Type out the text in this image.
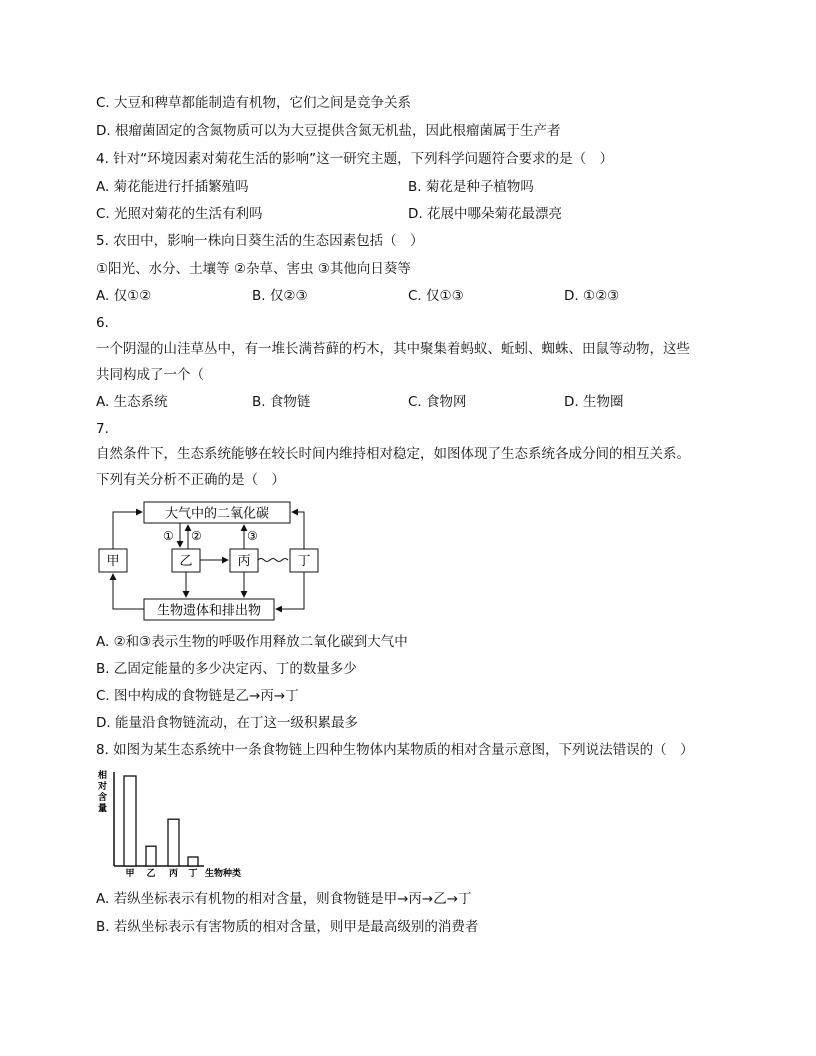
C. 大豆和稗草都能制造有机物，它们之间是竞争关系
D. 根瘤菌固定的含氮物质可以为大豆提供含氮无机盐，因此根瘤菌属于生产者
4. 针对“环境因素对菊花生活的影响”这一研究主题，下列科学问题符合要求的是（　）
A. 菊花能进行扦插繁殖吗	B. 菊花是种子植物吗
C. 光照对菊花的生活有利吗	D. 花展中哪朵菊花最漂亮
5. 农田中，影响一株向日葵生活的生态因素包括（　）
①阳光、水分、土壤等 ②杂草、害虫 ③其他向日葵等
A. 仅①②	B. 仅②③	C. 仅①③	D. ①②③
6.
一个阴湿的山洼草丛中，有一堆长满苔藓的朽木，其中聚集着蚂蚁、蚯蚓、蜘蛛、田鼠等动物，这些
共同构成了一个（
A. 生态系统	B. 食物链	C. 食物网	D. 生物圈
7.
自然条件下，生态系统能够在较长时间内维持相对稳定，如图体现了生态系统各成分间的相互关系。
下列有关分析不正确的是（　）
大气中的二氧化碳
生物遗体和排出物
甲	乙	丙	丁
① ②	③
A. ②和③表示生物的呼吸作用释放二氧化碳到大气中
B. 乙固定能量的多少决定丙、丁的数量多少
C. 图中构成的食物链是乙→丙→丁
D. 能量沿食物链流动，在丁这一级积累最多
8. 如图为某生态系统中一条食物链上四种生物体内某物质的相对含量示意图，下列说法错误的（　）
相对含量
甲 乙 丙 丁 生物种类
A. 若纵坐标表示有机物的相对含量，则食物链是甲→丙→乙→丁
B. 若纵坐标表示有害物质的相对含量，则甲是最高级别的消费者
